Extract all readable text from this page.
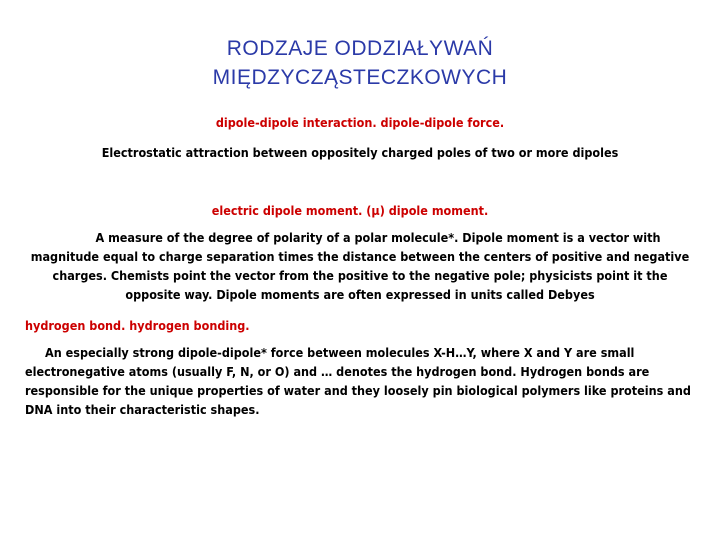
RODZAJE ODDZIAŁYWAŃ
MIĘDZYCZĄSTECZKOWYCH
dipole-dipole interaction. dipole-dipole force.
Electrostatic attraction between oppositely charged poles of two or more dipoles
electric dipole moment. (µ) dipole moment.
A measure of the degree of polarity of a polar molecule*. Dipole moment is a vector with magnitude equal to charge separation times the distance between the centers of positive and negative charges. Chemists point the vector from the positive to the negative pole; physicists point it the opposite way. Dipole moments are often expressed in units called Debyes
hydrogen bond. hydrogen bonding.
An especially strong dipole-dipole* force between molecules X-H…Y, where X and Y are small electronegative atoms (usually F, N, or O) and … denotes the hydrogen bond. Hydrogen bonds are responsible for the unique properties of water and they loosely pin biological polymers like proteins and DNA into their characteristic shapes.
